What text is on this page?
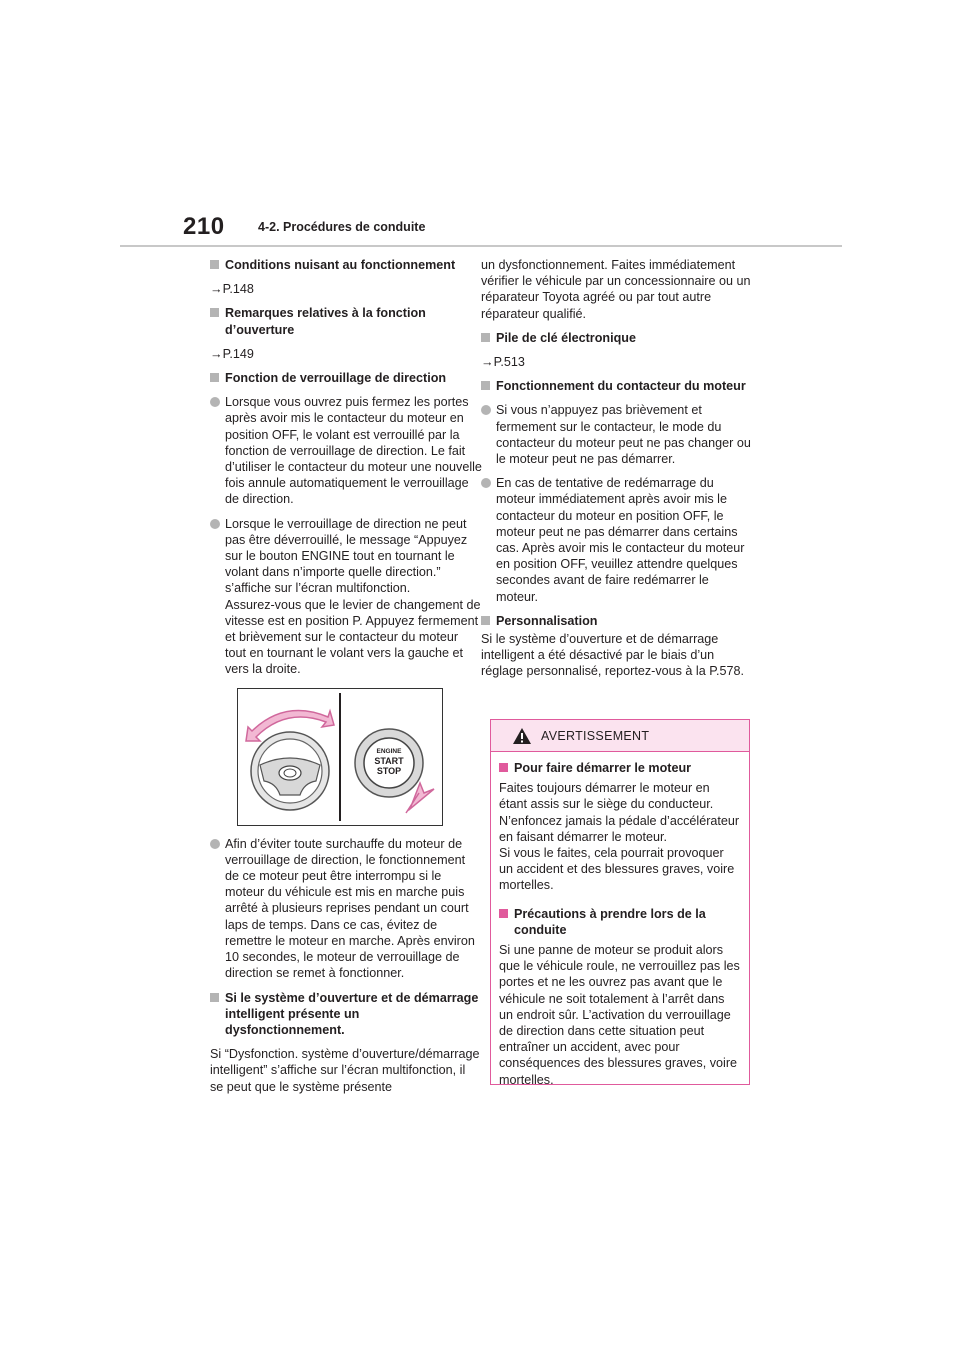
210	4-2. Procédures de conduite
Conditions nuisant au fonctionnement
→P.148
Remarques relatives à la fonction d’ouverture
→P.149
Fonction de verrouillage de direction
Lorsque vous ouvrez puis fermez les portes après avoir mis le contacteur du moteur en position OFF, le volant est verrouillé par la fonction de verrouillage de direction. Le fait d’utiliser le contacteur du moteur une nouvelle fois annule automatiquement le verrouillage de direction.
Lorsque le verrouillage de direction ne peut pas être déverrouillé, le message “Appuyez sur le bouton ENGINE tout en tournant le volant dans n’importe quelle direction.” s’affiche sur l’écran multifonction.
Assurez-vous que le levier de changement de vitesse est en position P. Appuyez fermement et brièvement sur le contacteur du moteur tout en tournant le volant vers la gauche et vers la droite.
ENGINE
START
STOP
Afin d’éviter toute surchauffe du moteur de verrouillage de direction, le fonctionnement de ce moteur peut être interrompu si le moteur du véhicule est mis en marche puis arrêté à plusieurs reprises pendant un court laps de temps. Dans ce cas, évitez de remettre le moteur en marche. Après environ 10 secondes, le moteur de verrouillage de direction se remet à fonctionner.
Si le système d’ouverture et de démarrage intelligent présente un dysfonctionnement.
Si “Dysfonction. système d’ouverture/démarrage intelligent” s’affiche sur l’écran multifonction, il se peut que le système présente
un dysfonctionnement. Faites immédiatement vérifier le véhicule par un concessionnaire ou un réparateur Toyota agréé ou par tout autre réparateur qualifié.
Pile de clé électronique
→P.513
Fonctionnement du contacteur du moteur
Si vous n’appuyez pas brièvement et fermement sur le contacteur, le mode du contacteur du moteur peut ne pas changer ou le moteur peut ne pas démarrer.
En cas de tentative de redémarrage du moteur immédiatement après avoir mis le contacteur du moteur en position OFF, le moteur peut ne pas démarrer dans certains cas. Après avoir mis le contacteur du moteur en position OFF, veuillez attendre quelques secondes avant de faire redémarrer le moteur.
Personnalisation
Si le système d’ouverture et de démarrage intelligent a été désactivé par le biais d’un réglage personnalisé, reportez-vous à la P.578.
AVERTISSEMENT
Pour faire démarrer le moteur
Faites toujours démarrer le moteur en étant assis sur le siège du conducteur. N’enfoncez jamais la pédale d’accélérateur en faisant démarrer le moteur.
Si vous le faites, cela pourrait provoquer un accident et des blessures graves, voire mortelles.
Précautions à prendre lors de la conduite
Si une panne de moteur se produit alors que le véhicule roule, ne verrouillez pas les portes et ne les ouvrez pas avant que le véhicule ne soit totalement à l’arrêt dans un endroit sûr. L’activation du verrouillage de direction dans cette situation peut entraîner un accident, avec pour conséquences des blessures graves, voire mortelles.
